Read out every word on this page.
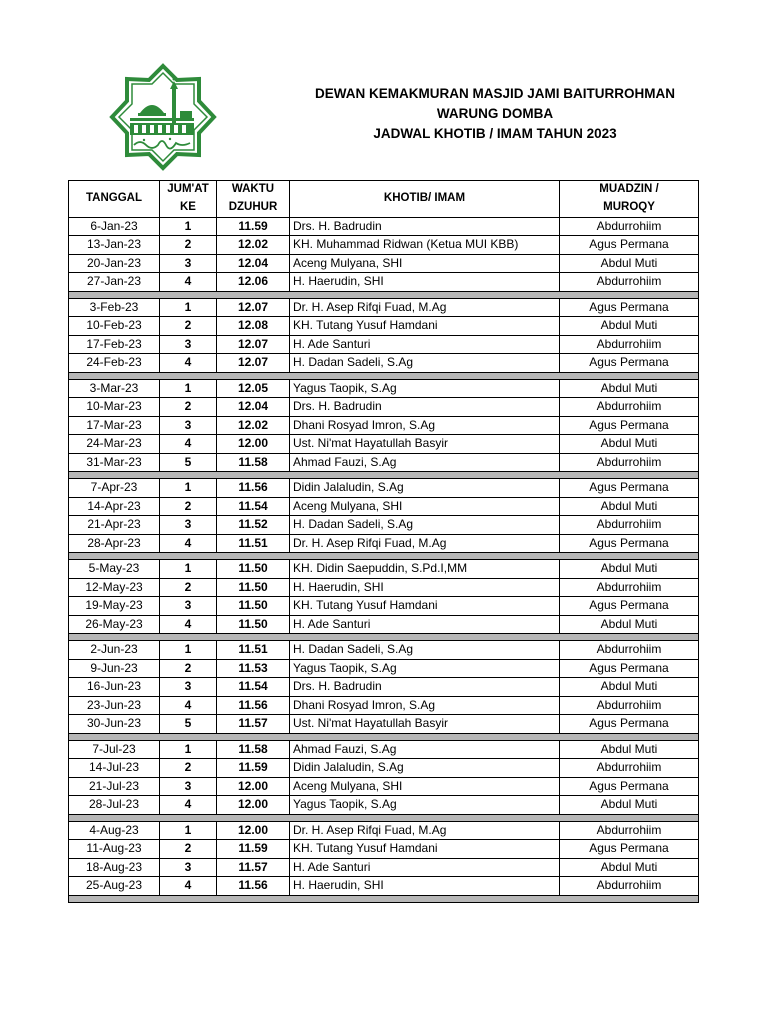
DEWAN KEMAKMURAN MASJID JAMI BAITURROHMAN
WARUNG DOMBA
JADWAL KHOTIB / IMAM TAHUN 2023
TANGGAL	JUM'AT	WAKTU	KHOTIB/ IMAM	MUADZIN /
	KE	DZUHUR		MUROQY
6-Jan-23	1	11.59	Drs. H. Badrudin	Abdurrohiim
13-Jan-23	2	12.02	KH. Muhammad Ridwan (Ketua MUI KBB)	Agus Permana
20-Jan-23	3	12.04	Aceng Mulyana, SHI	Abdul Muti
27-Jan-23	4	12.06	H. Haerudin, SHI	Abdurrohiim

3-Feb-23	1	12.07	Dr. H. Asep Rifqi Fuad, M.Ag	Agus Permana
10-Feb-23	2	12.08	KH. Tutang Yusuf Hamdani	Abdul Muti
17-Feb-23	3	12.07	H. Ade Santuri	Abdurrohiim
24-Feb-23	4	12.07	H. Dadan Sadeli, S.Ag	Agus Permana

3-Mar-23	1	12.05	Yagus Taopik, S.Ag	Abdul Muti
10-Mar-23	2	12.04	Drs. H. Badrudin	Abdurrohiim
17-Mar-23	3	12.02	Dhani Rosyad Imron, S.Ag	Agus Permana
24-Mar-23	4	12.00	Ust. Ni'mat Hayatullah Basyir	Abdul Muti
31-Mar-23	5	11.58	Ahmad Fauzi, S.Ag	Abdurrohiim

7-Apr-23	1	11.56	Didin Jalaludin, S.Ag	Agus Permana
14-Apr-23	2	11.54	Aceng Mulyana, SHI	Abdul Muti
21-Apr-23	3	11.52	H. Dadan Sadeli, S.Ag	Abdurrohiim
28-Apr-23	4	11.51	Dr. H. Asep Rifqi Fuad, M.Ag	Agus Permana

5-May-23	1	11.50	KH. Didin Saepuddin, S.Pd.I,MM	Abdul Muti
12-May-23	2	11.50	H. Haerudin, SHI	Abdurrohiim
19-May-23	3	11.50	KH. Tutang Yusuf Hamdani	Agus Permana
26-May-23	4	11.50	H. Ade Santuri	Abdul Muti

2-Jun-23	1	11.51	H. Dadan Sadeli, S.Ag	Abdurrohiim
9-Jun-23	2	11.53	Yagus Taopik, S.Ag	Agus Permana
16-Jun-23	3	11.54	Drs. H. Badrudin	Abdul Muti
23-Jun-23	4	11.56	Dhani Rosyad Imron, S.Ag	Abdurrohiim
30-Jun-23	5	11.57	Ust. Ni'mat Hayatullah Basyir	Agus Permana

7-Jul-23	1	11.58	Ahmad Fauzi, S.Ag	Abdul Muti
14-Jul-23	2	11.59	Didin Jalaludin, S.Ag	Abdurrohiim
21-Jul-23	3	12.00	Aceng Mulyana, SHI	Agus Permana
28-Jul-23	4	12.00	Yagus Taopik, S.Ag	Abdul Muti

4-Aug-23	1	12.00	Dr. H. Asep Rifqi Fuad, M.Ag	Abdurrohiim
11-Aug-23	2	11.59	KH. Tutang Yusuf Hamdani	Agus Permana
18-Aug-23	3	11.57	H. Ade Santuri	Abdul Muti
25-Aug-23	4	11.56	H. Haerudin, SHI	Abdurrohiim
